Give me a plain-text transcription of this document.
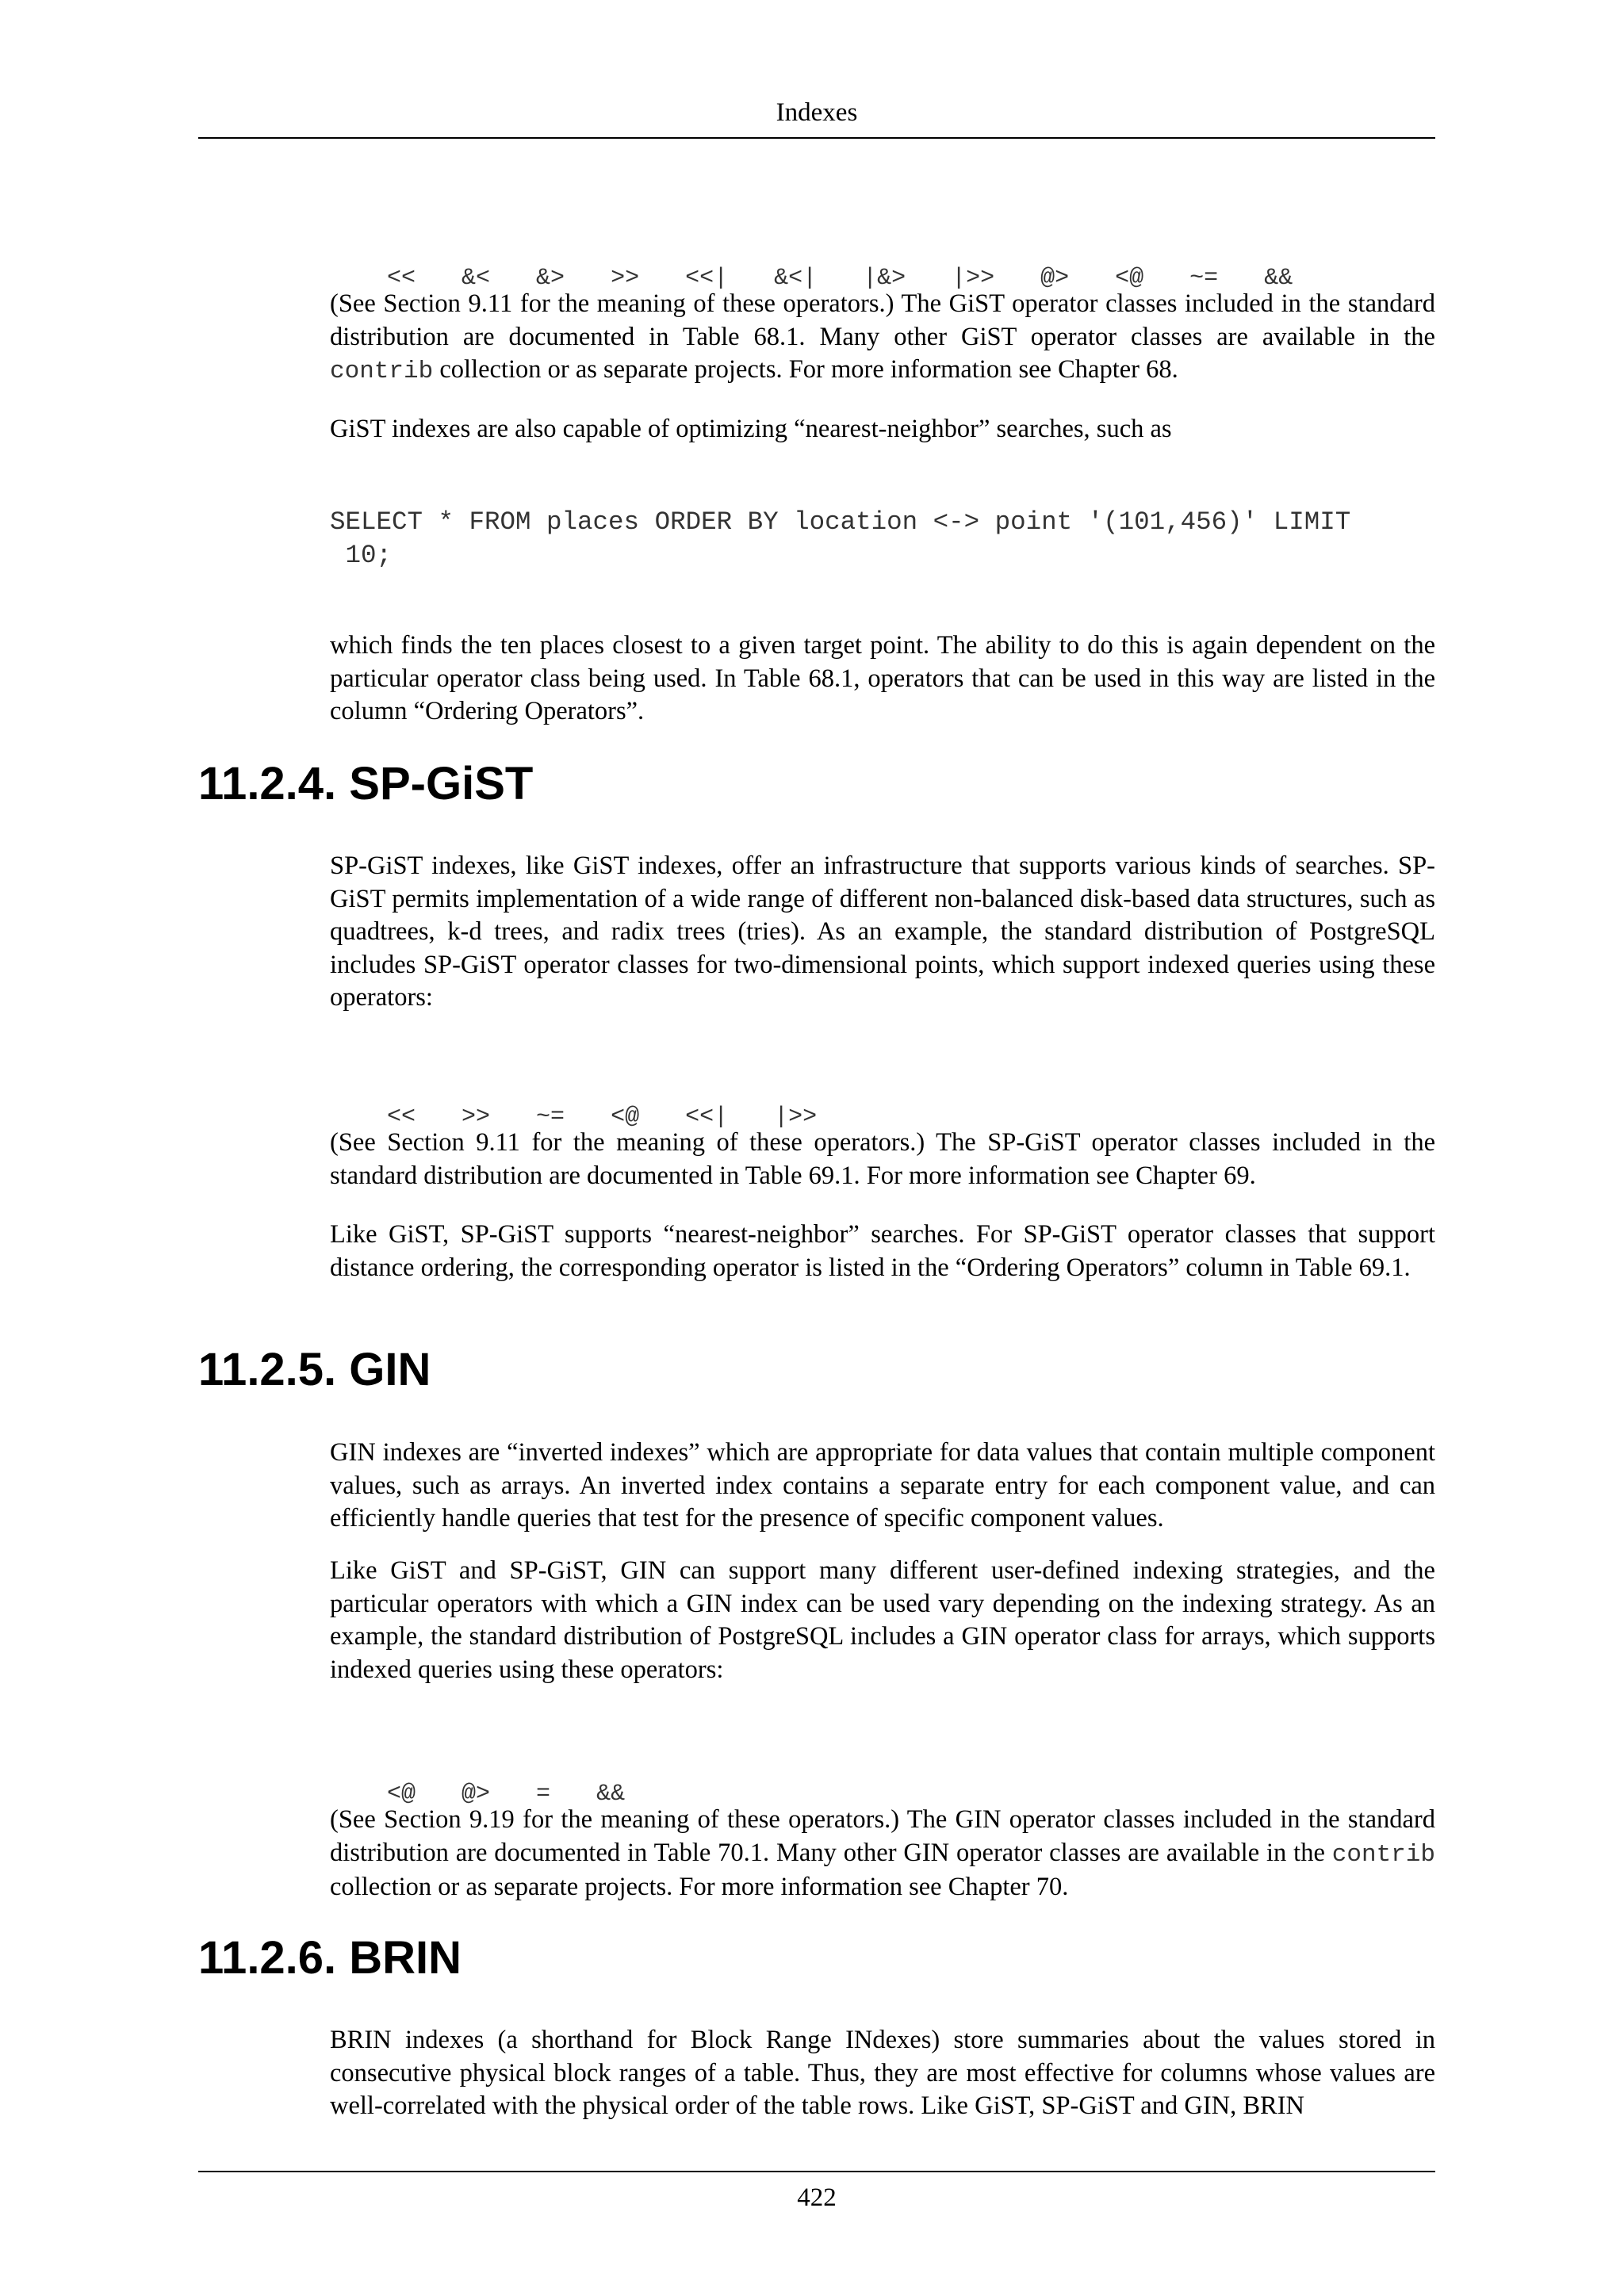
Indexes

<< &< &> >> <<| &<| |&> |>> @> <@ ~= &&

(See Section 9.11 for the meaning of these operators.) The GiST operator classes included in the standard distribution are documented in Table 68.1. Many other GiST operator classes are available in the contrib collection or as separate projects. For more information see Chapter 68.

GiST indexes are also capable of optimizing “nearest-neighbor” searches, such as

SELECT * FROM places ORDER BY location <-> point '(101,456)' LIMIT
10;

which finds the ten places closest to a given target point. The ability to do this is again dependent on the particular operator class being used. In Table 68.1, operators that can be used in this way are listed in the column “Ordering Operators”.

11.2.4. SP-GiST

SP-GiST indexes, like GiST indexes, offer an infrastructure that supports various kinds of searches. SP-GiST permits implementation of a wide range of different non-balanced disk-based data structures, such as quadtrees, k-d trees, and radix trees (tries). As an example, the standard distribution of PostgreSQL includes SP-GiST operator classes for two-dimensional points, which support indexed queries using these operators:

<< >> ~= <@ <<| |>>

(See Section 9.11 for the meaning of these operators.) The SP-GiST operator classes included in the standard distribution are documented in Table 69.1. For more information see Chapter 69.

Like GiST, SP-GiST supports “nearest-neighbor” searches. For SP-GiST operator classes that support distance ordering, the corresponding operator is listed in the “Ordering Operators” column in Table 69.1.

11.2.5. GIN

GIN indexes are “inverted indexes” which are appropriate for data values that contain multiple component values, such as arrays. An inverted index contains a separate entry for each component value, and can efficiently handle queries that test for the presence of specific component values.

Like GiST and SP-GiST, GIN can support many different user-defined indexing strategies, and the particular operators with which a GIN index can be used vary depending on the indexing strategy. As an example, the standard distribution of PostgreSQL includes a GIN operator class for arrays, which supports indexed queries using these operators:

<@ @> = &&

(See Section 9.19 for the meaning of these operators.) The GIN operator classes included in the standard distribution are documented in Table 70.1. Many other GIN operator classes are available in the contrib collection or as separate projects. For more information see Chapter 70.

11.2.6. BRIN

BRIN indexes (a shorthand for Block Range INdexes) store summaries about the values stored in consecutive physical block ranges of a table. Thus, they are most effective for columns whose values are well-correlated with the physical order of the table rows. Like GiST, SP-GiST and GIN, BRIN

422
